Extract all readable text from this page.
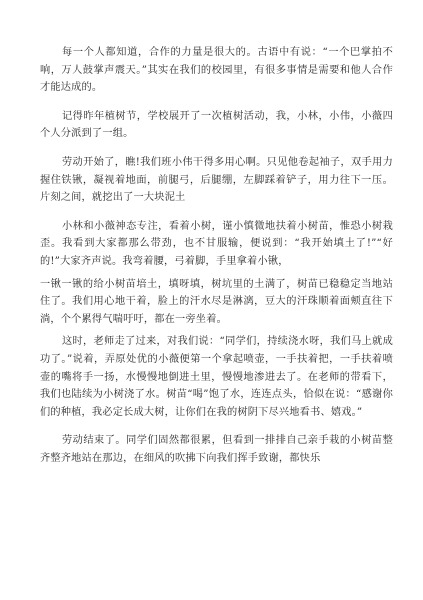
每一个人都知道，合作的力量是很大的。古语中有说：“一个巴掌拍不响，万人鼓掌声震天。”其实在我们的校园里，有很多事情是需要和他人合作才能达成的。

记得昨年植树节，学校展开了一次植树活动，我，小林，小伟，小薇四个人分派到了一组。

劳动开始了，瞧!我们班小伟干得多用心啊。只见他卷起袖子，双手用力握住铁锹，凝视着地面，前腿弓，后腿绷，左脚踩着铲子，用力往下一压。片刻之间，就挖出了一大块泥土

小林和小薇神态专注，看着小树，谨小慎微地扶着小树苗，惟恐小树栽歪。我看到大家都那么带劲，也不甘服输，便说到：“我开始填土了!”“好的!”大家齐声说。我弯着腰，弓着脚，手里拿着小锹，

一锹一锹的给小树苗培土，填呀填，树坑里的土满了，树苗已稳稳定当地站住了。我们用心地干着，脸上的汗水尽是淋漓，豆大的汗珠顺着面颊直往下淌，个个累得气喘吁吁，都在一旁坐着。

这时，老师走了过来，对我们说：“同学们，持续浇水呀，我们马上就成功了。”说着，弄原处优的小薇便第一个拿起喷壶，一手扶着把，一手扶着喷壶的嘴将手一扬，水慢慢地倒进土里，慢慢地渗进去了。在老师的带看下，我们也陆续为小树浇了水。树苗“喝”饱了水，连连点头，恰似在说：“感谢你们的种植，我必定长成大树，让你们在我的树阴下尽兴地看书、嬉戏。”

劳动结束了。同学们固然都很累，但看到一排排自己亲手栽的小树苗整齐整齐地站在那边，在细风的吹拂下向我们挥手致谢，都快乐
